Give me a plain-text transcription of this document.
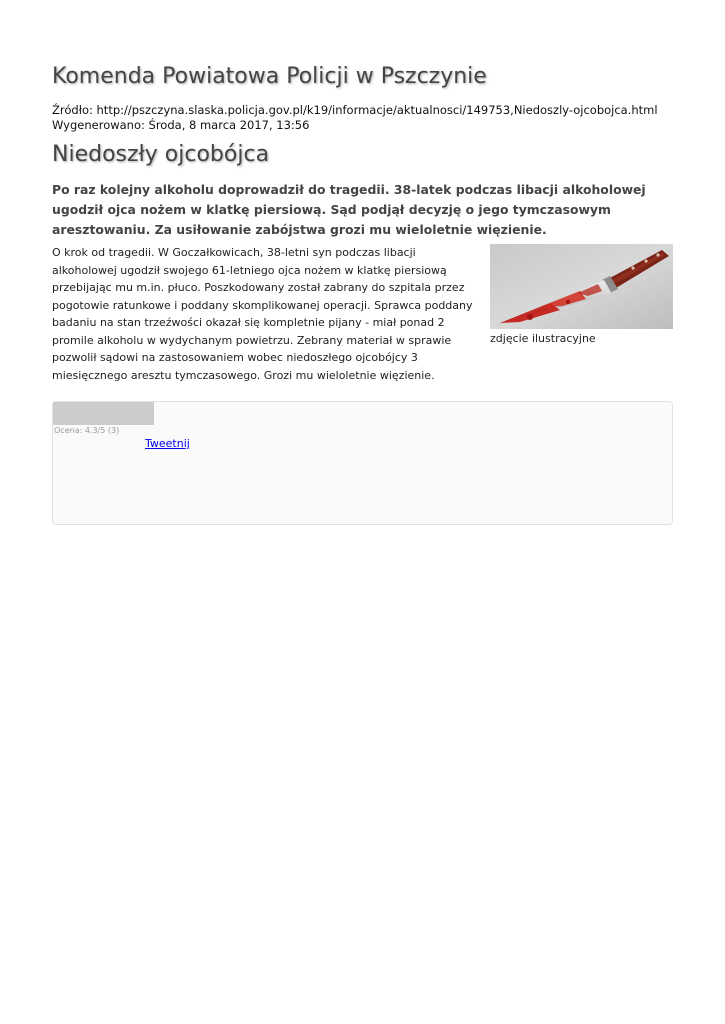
Komenda Powiatowa Policji w Pszczynie
Źródło: http://pszczyna.slaska.policja.gov.pl/k19/informacje/aktualnosci/149753,Niedoszly-ojcobojca.html
Wygenerowano: Środa, 8 marca 2017, 13:56
Niedoszły ojcobójca

Po raz kolejny alkoholu doprowadził do tragedii. 38-latek podczas libacji alkoholowej ugodził ojca nożem w klatkę piersiową. Sąd podjął decyzję o jego tymczasowym aresztowaniu. Za usiłowanie zabójstwa grozi mu wieloletnie więzienie.

O krok od tragedii. W Goczałkowicach, 38-letni syn podczas libacji alkoholowej ugodził swojego 61-letniego ojca nożem w klatkę piersiową przebijając mu m.in. płuco. Poszkodowany został zabrany do szpitala przez pogotowie ratunkowe i poddany skomplikowanej operacji. Sprawca poddany badaniu na stan trzeźwości okazał się kompletnie pijany - miał ponad 2 promile alkoholu w wydychanym powietrzu. Zebrany materiał w sprawie pozwolił sądowi na zastosowaniem wobec niedoszłego ojcobójcy 3 miesięcznego aresztu tymczasowego. Grozi mu wieloletnie więzienie.

zdjęcie ilustracyjne
Ocena: 4.3/5 (3)
Tweetnij
